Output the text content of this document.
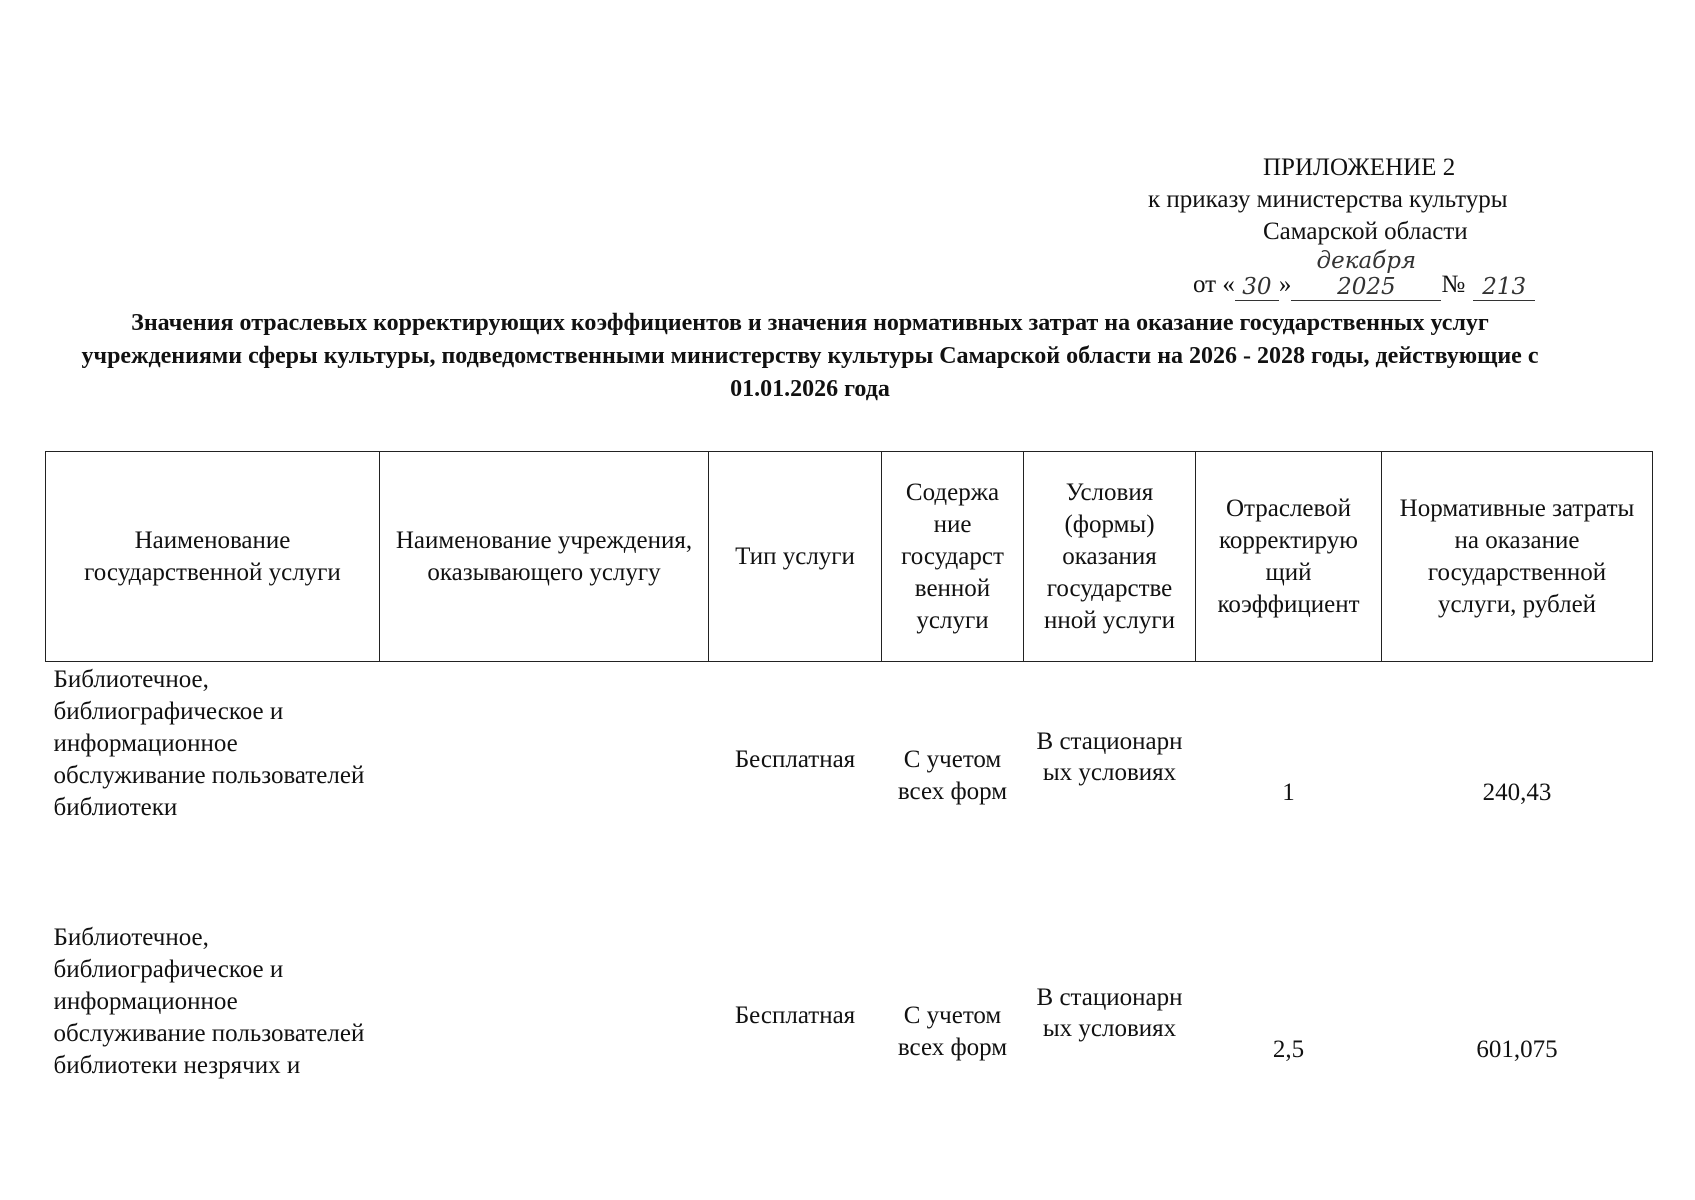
ПРИЛОЖЕНИЕ 2
к приказу министерства культуры
Самарской области
от « 30 »
декабря 2025	№ 213
Значения отраслевых корректирующих коэффициентов и значения нормативных затрат на оказание государственных услуг учреждениями сферы культуры, подведомственными министерству культуры Самарской области на 2026 - 2028 годы, действующие с 01.01.2026 года
Наименование государственной услуги	Наименование учреждения, оказывающего услугу	Тип услуги	Содержа ние государст венной услуги	Условия (формы) оказания государстве нной услуги	Отраслевой корректирую щий коэффициент	Нормативные затраты на оказание государственной услуги, рублей
Библиотечное, библиографическое и информационное обслуживание пользователей библиотеки		Бесплатная	С учетом всех форм	В стационарн ых условиях	1	240,43

Библиотечное, библиографическое и информационное обслуживание пользователей библиотеки незрячих и		Бесплатная	С учетом всех форм	В стационарн ых условиях	2,5	601,075
